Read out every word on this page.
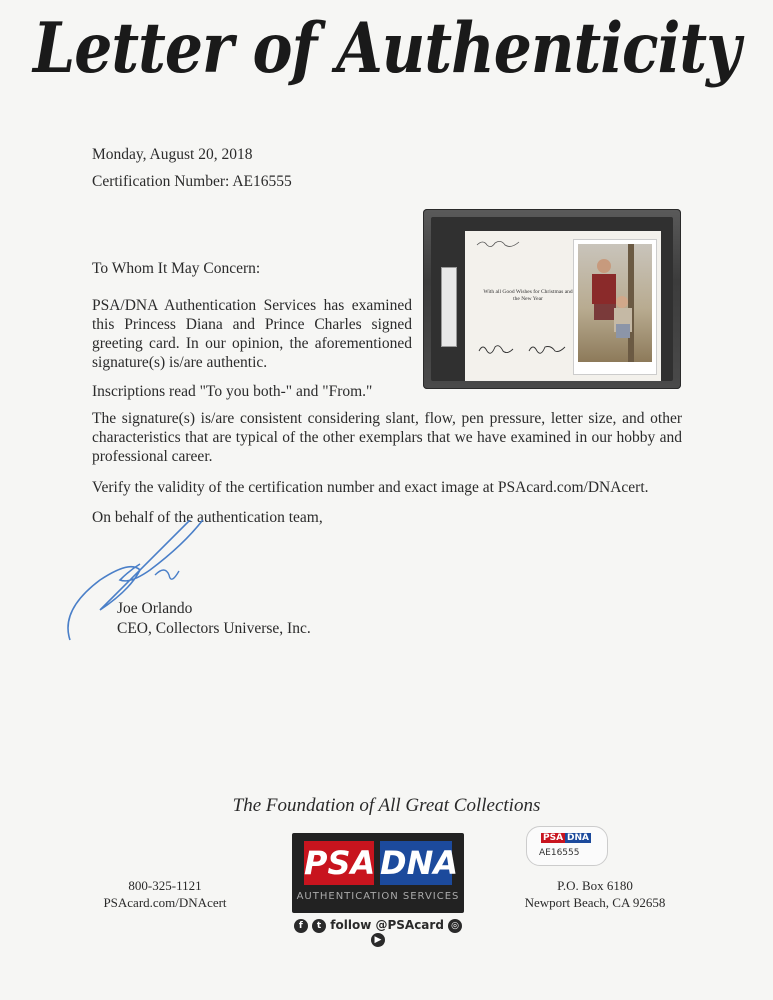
Letter of Authenticity
Monday, August 20, 2018
Certification Number: AE16555
With all Good Wishes for Christmas and the New Year
To Whom It May Concern:
PSA/DNA Authentication Services has examined this Princess Diana and Prince Charles signed greeting card. In our opinion, the aforementioned signature(s) is/are authentic.
Inscriptions read "To you both-" and "From."
The signature(s) is/are consistent considering slant, flow, pen pressure, letter size, and other characteristics that are typical of the other exemplars that we have examined in our hobby and professional career.
Verify the validity of the certification number and exact image at PSAcard.com/DNAcert.
On behalf of the authentication team,
Joe Orlando
CEO, Collectors Universe, Inc.
The Foundation of All Great Collections
PSA DNA
AUTHENTICATION SERVICES
f t follow @PSAcard ◎ ▶
800-325-1121
PSAcard.com/DNAcert
P.O. Box 6180
Newport Beach, CA 92658
PSA DNA
AE16555
